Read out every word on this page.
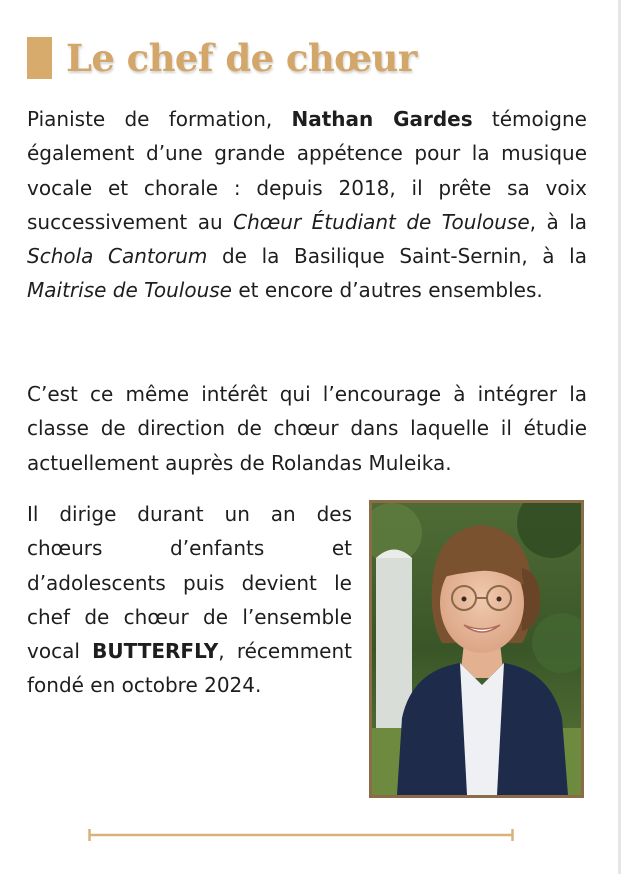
Le chef de chœur

Pianiste de formation, Nathan Gardes témoigne également d’une grande appétence pour la musique vocale et chorale : depuis 2018, il prête sa voix successivement au Chœur Étudiant de Toulouse, à la Schola Cantorum de la Basilique Saint-Sernin, à la Maitrise de Toulouse et encore d’autres ensembles.

C’est ce même intérêt qui l’encourage à intégrer la classe de direction de chœur dans laquelle il étudie actuellement auprès de Rolandas Muleika.

Il dirige durant un an des chœurs d’enfants et d’adolescents puis devient le chef de chœur de l’ensemble vocal BUTTERFLY, récemment fondé en octobre 2024.
